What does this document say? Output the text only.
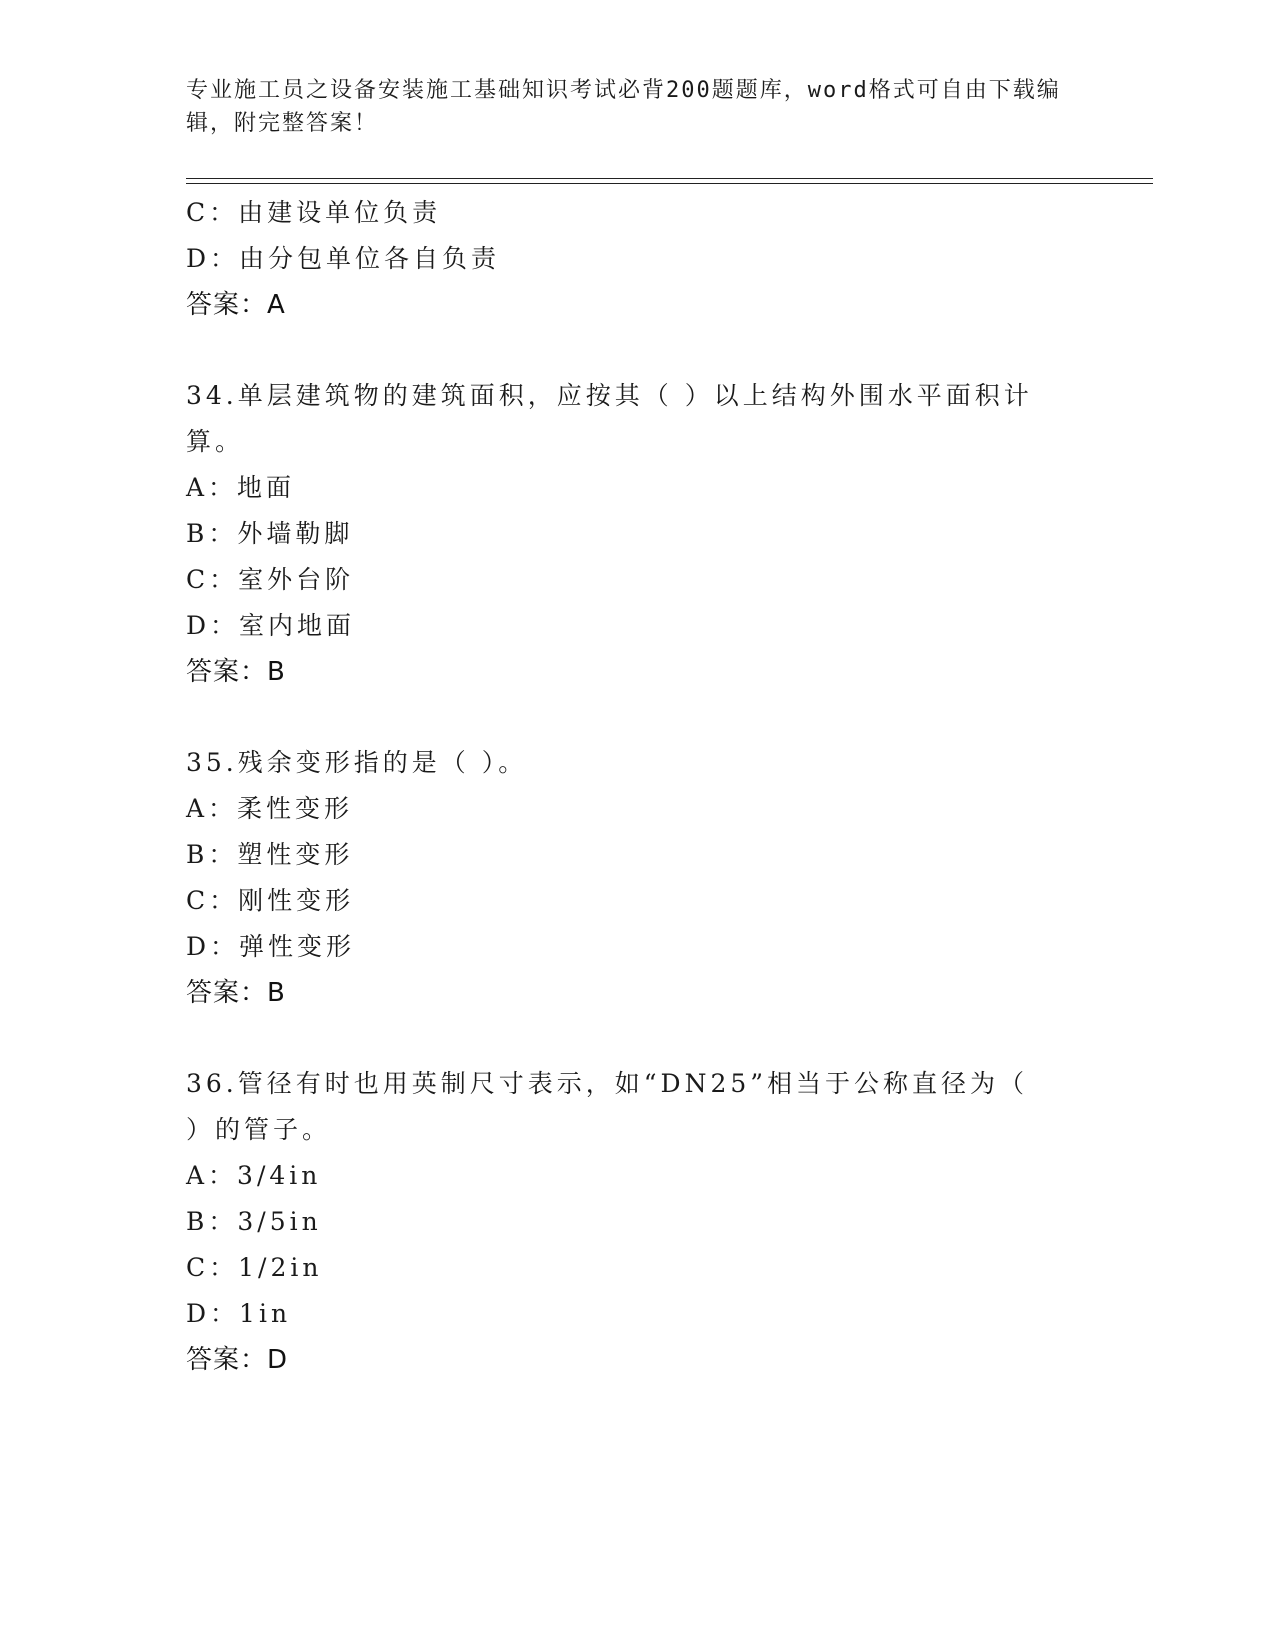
专业施工员之设备安装施工基础知识考试必背200题题库，word格式可自由下载编辑，附完整答案！
C：由建设单位负责
D：由分包单位各自负责
答案：A
34.单层建筑物的建筑面积，应按其（ ）以上结构外围水平面积计算。
A：地面
B：外墙勒脚
C：室外台阶
D：室内地面
答案：B
35.残余变形指的是（ ）。
A：柔性变形
B：塑性变形
C：刚性变形
D：弹性变形
答案：B
36.管径有时也用英制尺寸表示，如“DN25”相当于公称直径为（ ）的管子。
A：3/4in
B：3/5in
C：1/2in
D：1in
答案：D
